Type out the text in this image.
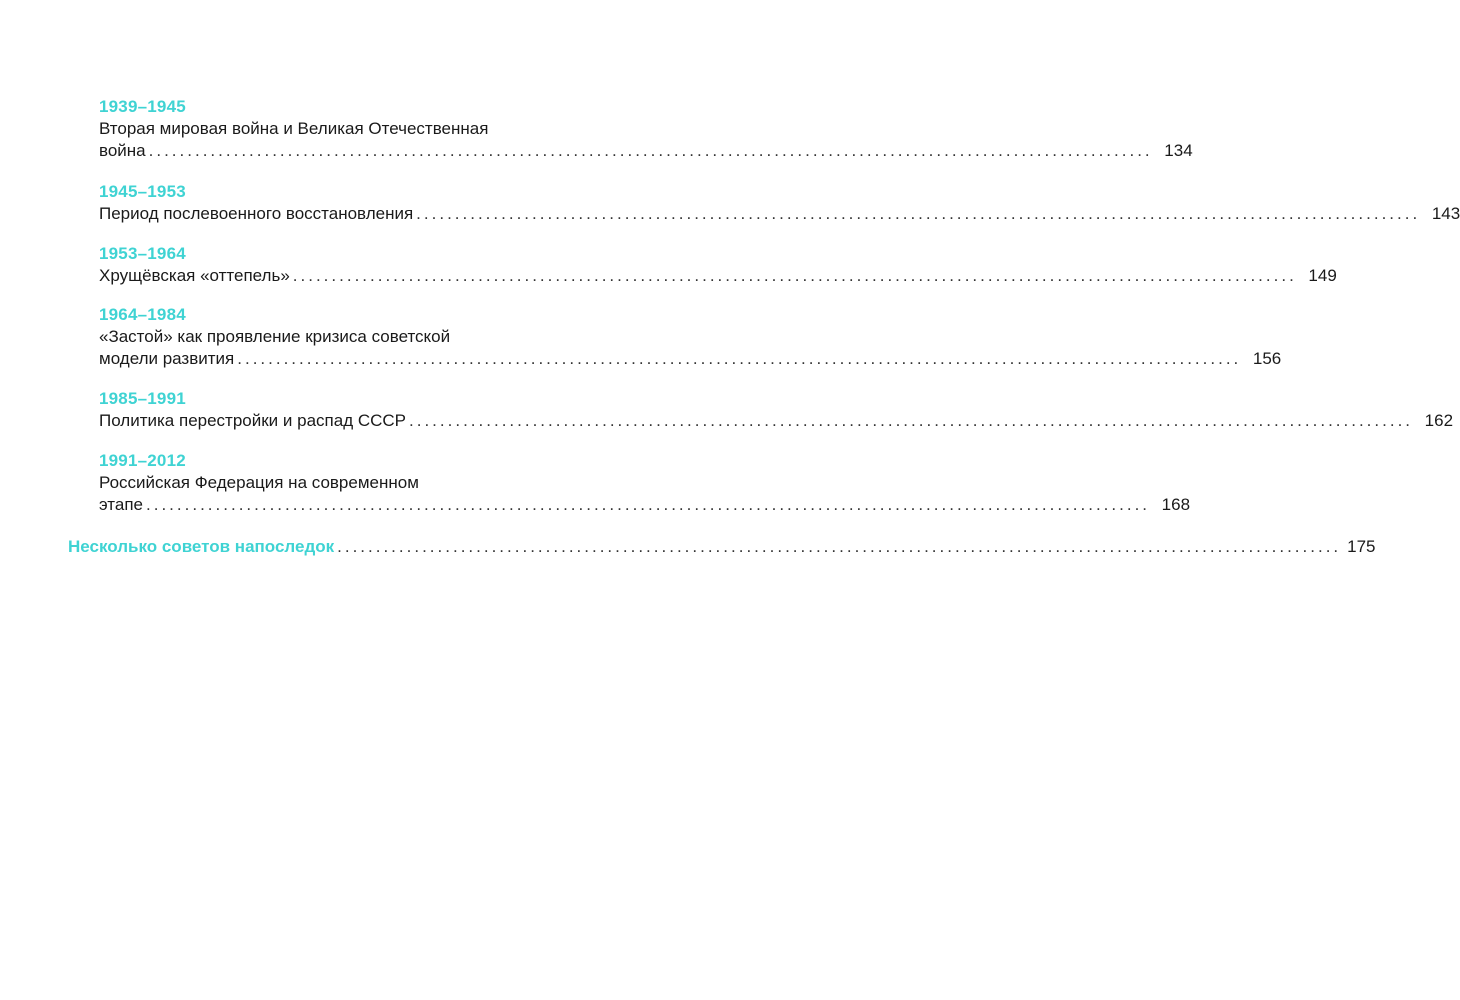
1939–1945
Вторая мировая война и Великая Отечественная
война .................................................................................................................................. 134
1945–1953
Период послевоенного восстановления .................................................................................................................................. 143
1953–1964
Хрущёвская «оттепель» .................................................................................................................................. 149
1964–1984
«Застой» как проявление кризиса советской
модели развития .................................................................................................................................. 156
1985–1991
Политика перестройки и распад СССР .................................................................................................................................. 162
1991–2012
Российская Федерация на современном
этапе .................................................................................................................................. 168
Несколько советов напоследок .................................................................................................................................. 175
